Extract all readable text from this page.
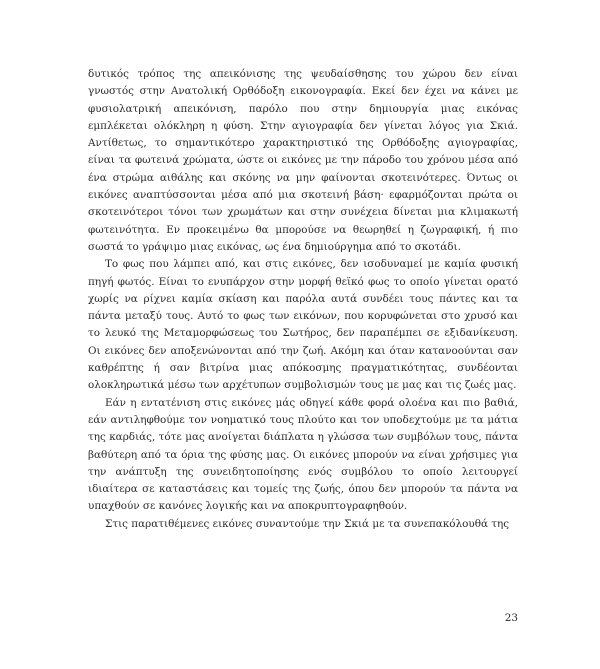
δυτικός τρόπος της απεικόνισης της ψευδαίσθησης του χώρου δεν είναι γνωστός στην Ανατολική Ορθόδοξη εικονογραφία. Εκεί δεν έχει να κάνει με φυσιολατρική απεικόνιση, παρόλο που στην δημιουργία μιας εικόνας εμπλέκεται ολόκληρη η φύση. Στην αγιογραφία δεν γίνεται λόγος για Σκιά. Αντίθετως, το σημαντικότερο χαρακτηριστικό της Ορθόδοξης αγιογραφίας, είναι τα φωτεινά χρώματα, ώστε οι εικόνες με την πάροδο του χρόνου μέσα από ένα στρώμα αιθάλης και σκόνης να μην φαίνονται σκοτεινότερες. Όντως οι εικόνες αναπτύσσονται μέσα από μια σκοτεινή βάση· εφαρμόζονται πρώτα οι σκοτεινότεροι τόνοι των χρωμάτων και στην συνέχεια δίνεται μια κλιμακωτή φωτεινότητα. Εν προκειμένω θα μπορούσε να θεωρηθεί η ζωγραφική, ή πιο σωστά το γράψιμο μιας εικόνας, ως ένα δημιούργημα από το σκοτάδι.

Το φως που λάμπει από, και στις εικόνες, δεν ισοδυναμεί με καμία φυσική πηγή φωτός. Είναι το ενυπάρχον στην μορφή θεϊκό φως το οποίο γίνεται ορατό χωρίς να ρίχνει καμία σκίαση και παρόλα αυτά συνδέει τους πάντες και τα πάντα μεταξύ τους. Αυτό το φως των εικόνων, που κορυφώνεται στο χρυσό και το λευκό της Μεταμορφώσεως του Σωτήρος, δεν παραπέμπει σε εξιδανίκευση. Οι εικόνες δεν αποξενώνονται από την ζωή. Ακόμη και όταν κατανοούνται σαν καθρέπτης ή σαν βιτρίνα μιας απόκοσμης πραγματικότητας, συνδέονται ολοκληρωτικά μέσω των αρχέτυπων συμβολισμών τους με μας και τις ζωές μας.

Εάν η εντατένιση στις εικόνες μάς οδηγεί κάθε φορά ολοένα και πιο βαθιά, εάν αντιληφθούμε τον νοηματικό τους πλούτο και τον υποδεχτούμε με τα μάτια της καρδιάς, τότε μας ανοίγεται διάπλατα η γλώσσα των συμβόλων τους, πάντα βαθύτερη από τα όρια της φύσης μας. Οι εικόνες μπορούν να είναι χρήσιμες για την ανάπτυξη της συνειδητοποίησης ενός συμβόλου το οποίο λειτουργεί ιδιαίτερα σε καταστάσεις και τομείς της ζωής, όπου δεν μπορούν τα πάντα να υπαχθούν σε κανόνες λογικής και να αποκρυπτογραφηθούν.

Στις παρατιθέμενες εικόνες συναντούμε την Σκιά με τα συνεπακόλουθά της

23
